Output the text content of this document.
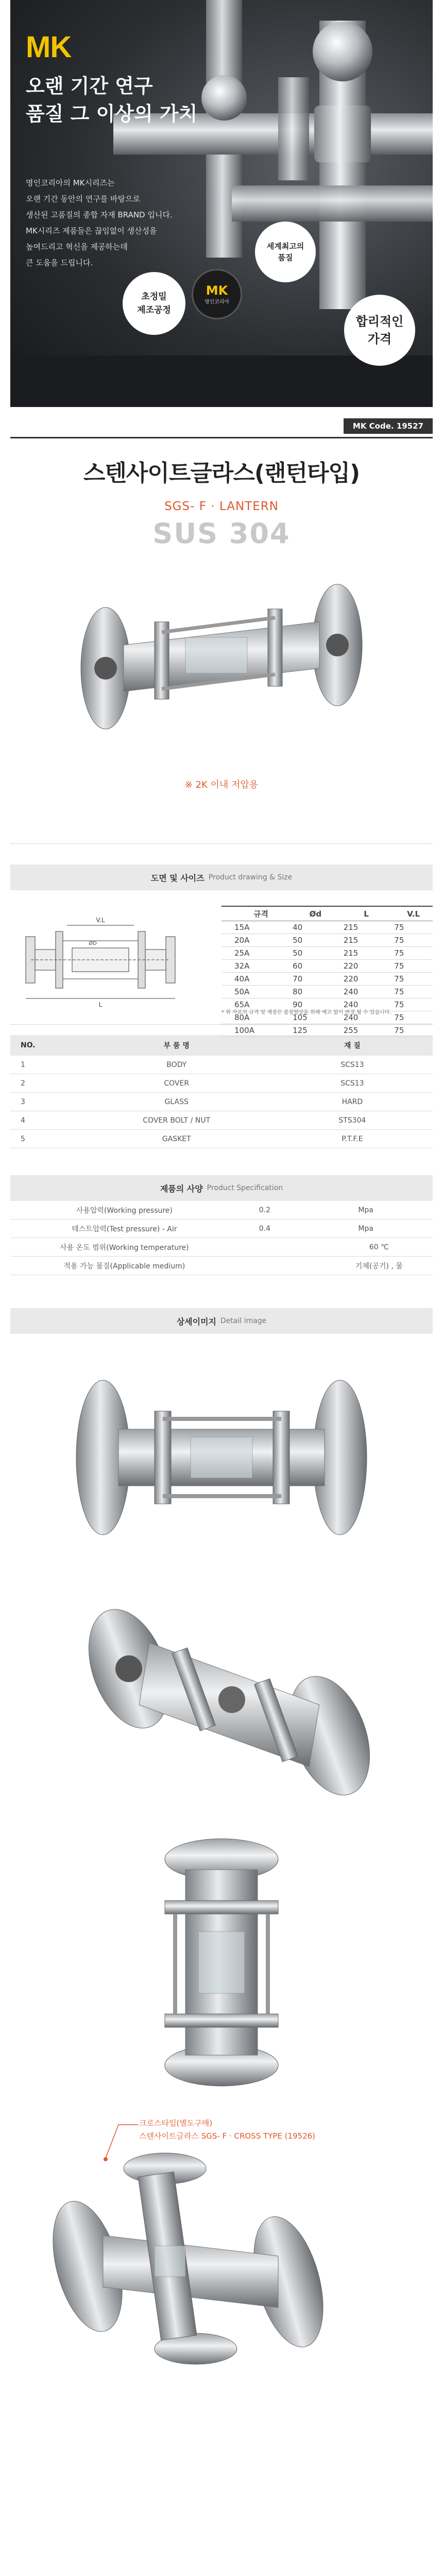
MK
오랜 기간 연구
품질 그 이상의 가치
명인코리아의 MK시리즈는
오랜 기간 동안의 연구를 바탕으로
생산된 고품질의 종합 자재 BRAND 입니다.
MK시리즈 제품들은 끊임없이 생산성을
높여드리고 혁신을 제공하는데
큰 도움을 드립니다.
세계최고의
품질
초정밀
제조공정
MK
명인코리아
합리적인
가격
MK Code. 19527
스텐사이트글라스(랜턴타입)
SGS- F · LANTERN
SUS 304
※ 2K 이내 저압용
도면 및 사이즈 Product drawing & Size
V.L
ØD
L
규격	Ød	L	V.L
15A	40	215	75
20A	50	215	75
25A	50	215	75
32A	60	220	75
40A	70	220	75
50A	80	240	75
65A	90	240	75
80A	105	240	75
100A	125	255	75
* 위 자료의 규격 및 재질은 품질향상을 위해 예고 없이 변경 될 수 있습니다.
NO.	부 품 명	재 질
1	BODY	SCS13
2	COVER	SCS13
3	GLASS	HARD
4	COVER BOLT / NUT	STS304
5	GASKET	P.T.F.E
제품의 사양 Product Specification
사용압력(Working pressure)	0.2	Mpa
테스트압력(Test pressure) - Air	0.4	Mpa
사용 온도 범위(Working temperature)	60 ℃	
적용 가능 물질(Applicable medium)	기체(공기) , 물	
상세이미지 Detail image
크로스타입(별도구매)
스텐사이트글라스 SGS- F · CROSS TYPE (19526)
